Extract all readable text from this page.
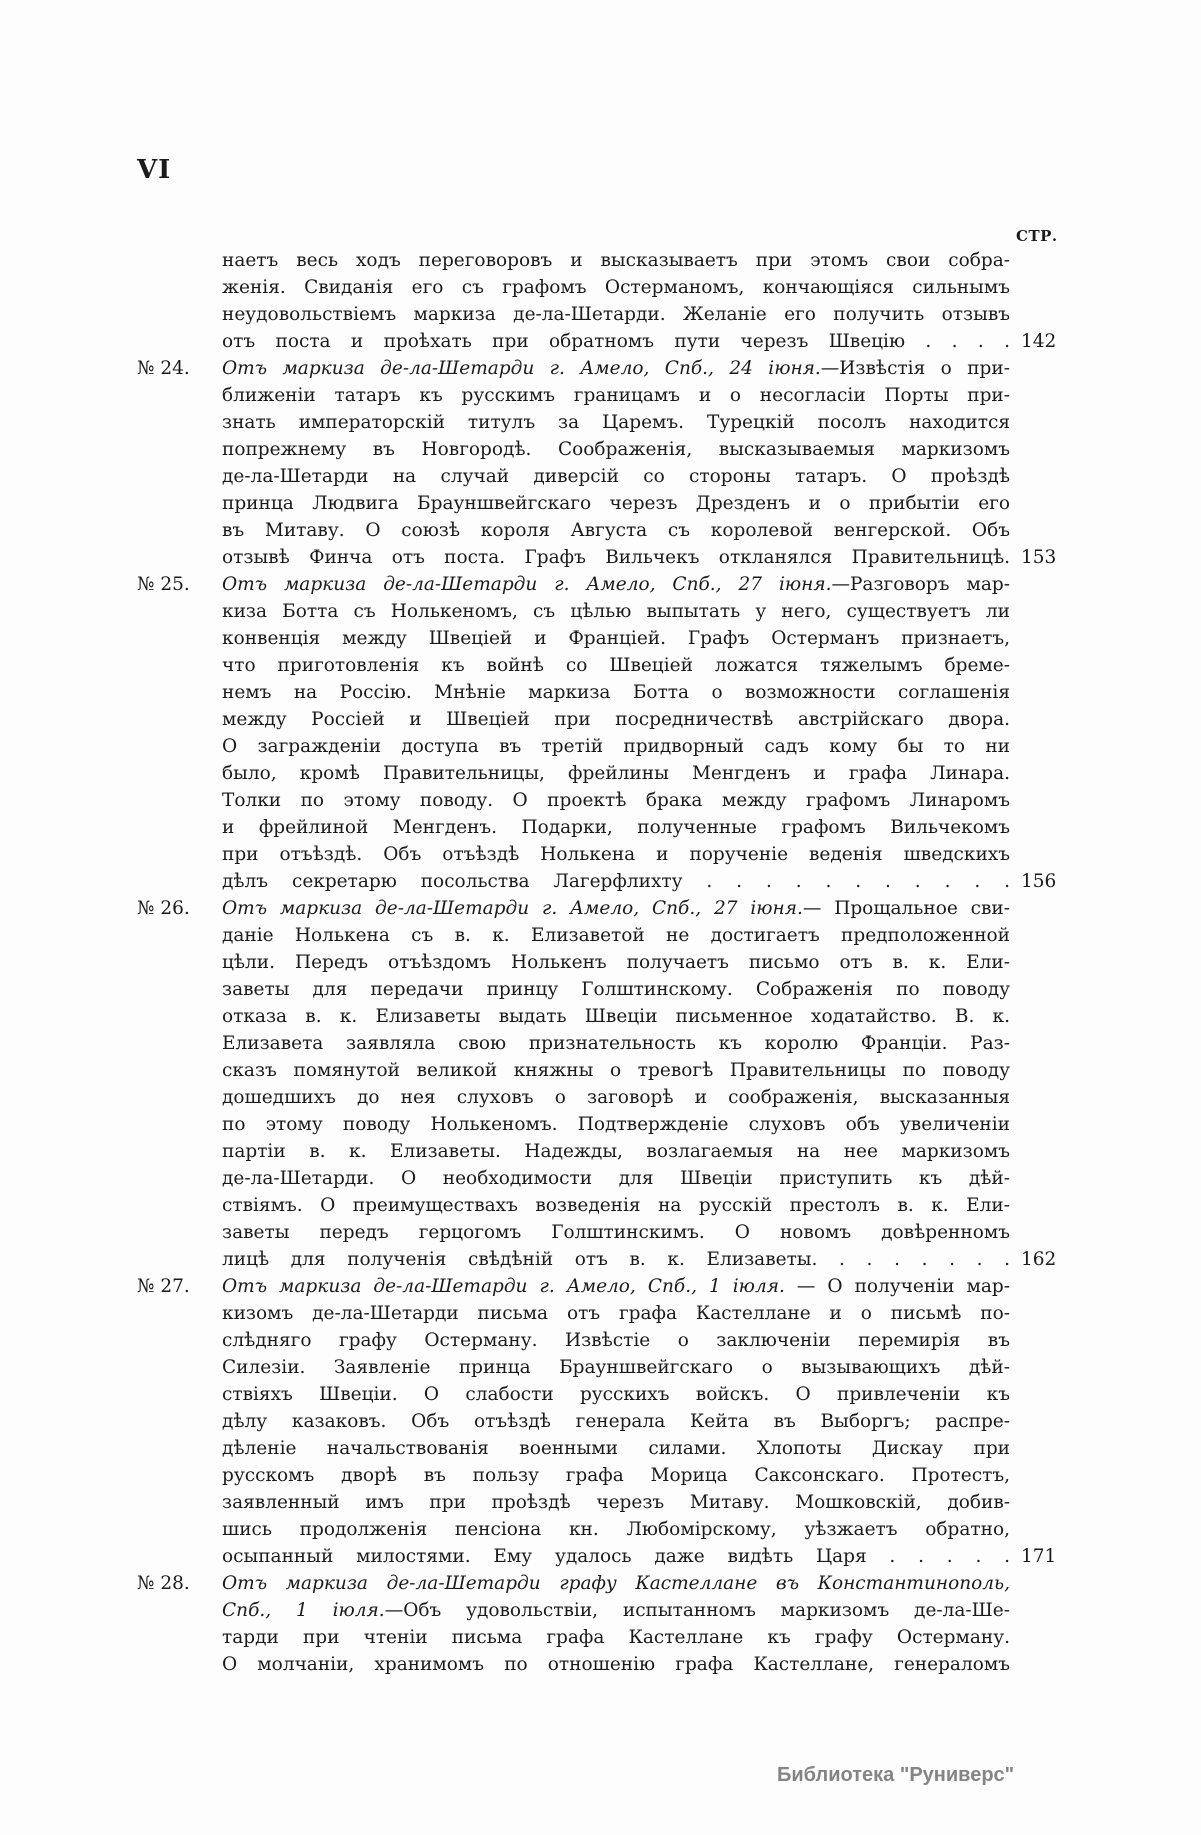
VI
СТР.
наетъ весь ходъ переговоровъ и высказываетъ при этомъ свои собра-
женія. Свиданія его съ графомъ Остерманомъ, кончающіяся сильнымъ
неудовольствіемъ маркиза де-ла-Шетарди. Желаніе его получить отзывъ
отъ поста и проѣхать при обратномъ пути черезъ Швецію . . . . 142
№ 24. Отъ маркиза де-ла-Шетарди г. Амело, Спб., 24 іюня.—Извѣстія о при-
ближеніи татаръ къ русскимъ границамъ и о несогласіи Порты при-
знать императорскій титулъ за Царемъ. Турецкій посолъ находится
попрежнему въ Новгородѣ. Соображенія, высказываемыя маркизомъ
де-ла-Шетарди на случай диверсій со стороны татаръ. О проѣздѣ
принца Людвига Брауншвейгскаго черезъ Дрезденъ и о прибытіи его
въ Митаву. О союзѣ короля Августа съ королевой венгерской. Объ
отзывѣ Финча отъ поста. Графъ Вильчекъ откланялся Правительницѣ. 153
№ 25. Отъ маркиза де-ла-Шетарди г. Амело, Спб., 27 іюня.—Разговоръ мар-
киза Ботта съ Нолькеномъ, съ цѣлью выпытать у него, существуетъ ли
конвенція между Швеціей и Франціей. Графъ Остерманъ признаетъ,
что приготовленія къ войнѣ со Швеціей ложатся тяжелымъ бреме-
немъ на Россію. Мнѣніе маркиза Ботта о возможности соглашенія
между Россіей и Швеціей при посредничествѣ австрійскаго двора.
О загражденіи доступа въ третій придворный садъ кому бы то ни
было, кромѣ Правительницы, фрейлины Менгденъ и графа Линара.
Толки по этому поводу. О проектѣ брака между графомъ Линаромъ
и фрейлиной Менгденъ. Подарки, полученные графомъ Вильчекомъ
при отъѣздѣ. Объ отъѣздѣ Нолькена и порученіе веденія шведскихъ
дѣлъ секретарю посольства Лагерфлихту . . . . . . . . . . . 156
№ 26. Отъ маркиза де-ла-Шетарди г. Амело, Спб., 27 іюня.— Прощальное сви-
даніе Нолькена съ в. к. Елизаветой не достигаетъ предположенной
цѣли. Передъ отъѣздомъ Нолькенъ получаетъ письмо отъ в. к. Ели-
заветы для передачи принцу Голштинскому. Сображенія по поводу
отказа в. к. Елизаветы выдать Швеціи письменное ходатайство. В. к.
Елизавета заявляла свою признательность къ королю Франціи. Раз-
сказъ помянутой великой княжны о тревогѣ Правительницы по поводу
дошедшихъ до нея слуховъ о заговорѣ и соображенія, высказанныя
по этому поводу Нолькеномъ. Подтвержденіе слуховъ объ увеличеніи
партіи в. к. Елизаветы. Надежды, возлагаемыя на нее маркизомъ
де-ла-Шетарди. О необходимости для Швеціи приступить къ дѣй-
ствіямъ. О преимуществахъ возведенія на русскій престолъ в. к. Ели-
заветы передъ герцогомъ Голштинскимъ. О новомъ довѣренномъ
лицѣ для полученія свѣдѣній отъ в. к. Елизаветы. . . . . . . . 162
№ 27. Отъ маркиза де-ла-Шетарди г. Амело, Спб., 1 іюля. — О полученіи мар-
кизомъ де-ла-Шетарди письма отъ графа Кастеллане и о письмѣ по-
слѣдняго графу Остерману. Извѣстіе о заключеніи перемирія въ
Силезіи. Заявленіе принца Брауншвейгскаго о вызывающихъ дѣй-
ствіяхъ Швеціи. О слабости русскихъ войскъ. О привлеченіи къ
дѣлу казаковъ. Объ отъѣздѣ генерала Кейта въ Выборгъ; распре-
дѣленіе начальствованія военными силами. Хлопоты Дискау при
русскомъ дворѣ въ пользу графа Морица Саксонскаго. Протестъ,
заявленный имъ при проѣздѣ черезъ Митаву. Мошковскій, добив-
шись продолженія пенсіона кн. Любомірскому, уѣзжаетъ обратно,
осыпанный милостями. Ему удалось даже видѣть Царя . . . . . 171
№ 28. Отъ маркиза де-ла-Шетарди графу Кастеллане въ Константинополь,
Спб., 1 іюля.—Объ удовольствіи, испытанномъ маркизомъ де-ла-Ше-
тарди при чтеніи письма графа Кастеллане къ графу Остерману.
О молчаніи, хранимомъ по отношенію графа Кастеллане, генераломъ
Библиотека "Руниверс"
